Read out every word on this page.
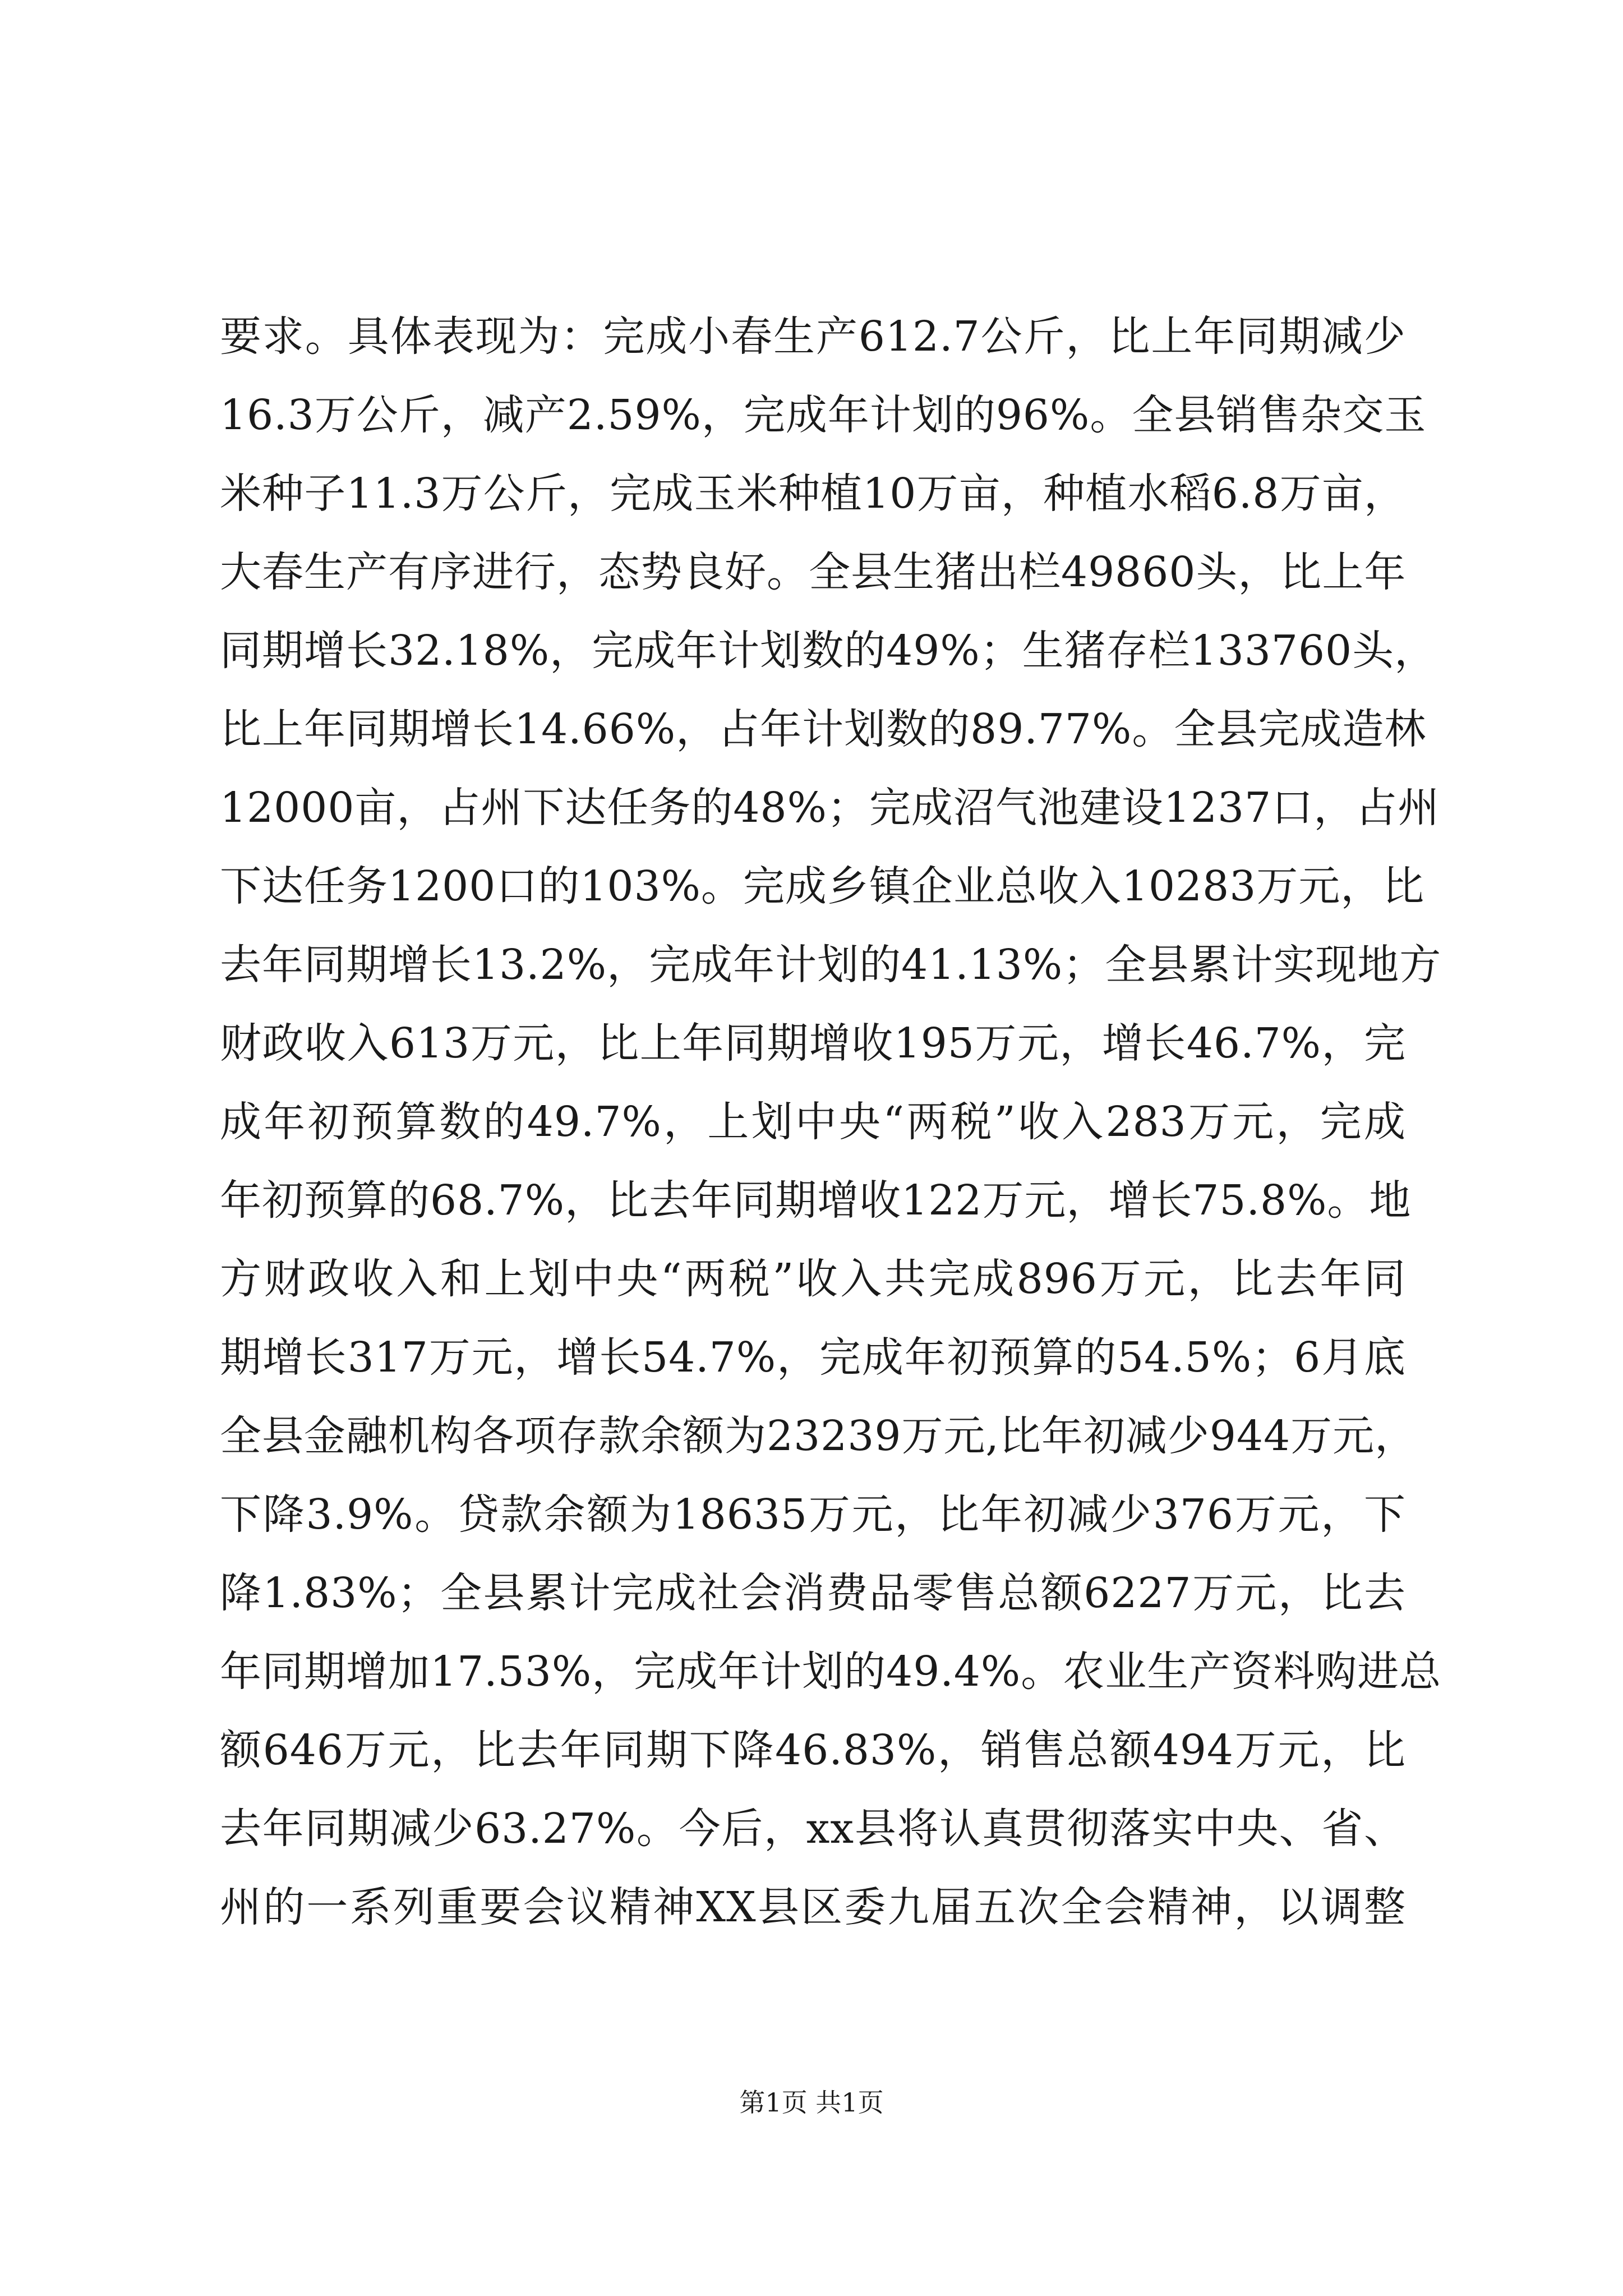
要求。具体表现为：完成小春生产612.7公斤，比上年同期减少
16.3万公斤，减产2.59%，完成年计划的96%。全县销售杂交玉
米种子11.3万公斤，完成玉米种植10万亩，种植水稻6.8万亩，
大春生产有序进行，态势良好。全县生猪出栏49860头，比上年
同期增长32.18%，完成年计划数的49%；生猪存栏133760头，
比上年同期增长14.66%，占年计划数的89.77%。全县完成造林
12000亩，占州下达任务的48%；完成沼气池建设1237口，占州
下达任务1200口的103%。完成乡镇企业总收入10283万元，比
去年同期增长13.2%，完成年计划的41.13%；全县累计实现地方
财政收入613万元，比上年同期增收195万元，增长46.7%，完
成年初预算数的49.7%，上划中央“两税”收入283万元，完成
年初预算的68.7%，比去年同期增收122万元，增长75.8%。地
方财政收入和上划中央“两税”收入共完成896万元，比去年同
期增长317万元，增长54.7%，完成年初预算的54.5%；6月底
全县金融机构各项存款余额为23239万元,比年初减少944万元，
下降3.9%。贷款余额为18635万元，比年初减少376万元，下
降1.83%；全县累计完成社会消费品零售总额6227万元，比去
年同期增加17.53%，完成年计划的49.4%。农业生产资料购进总
额646万元，比去年同期下降46.83%，销售总额494万元，比
去年同期减少63.27%。今后，xx县将认真贯彻落实中央、省、
州的一系列重要会议精神XX县区委九届五次全会精神，以调整
第1页 共1页
